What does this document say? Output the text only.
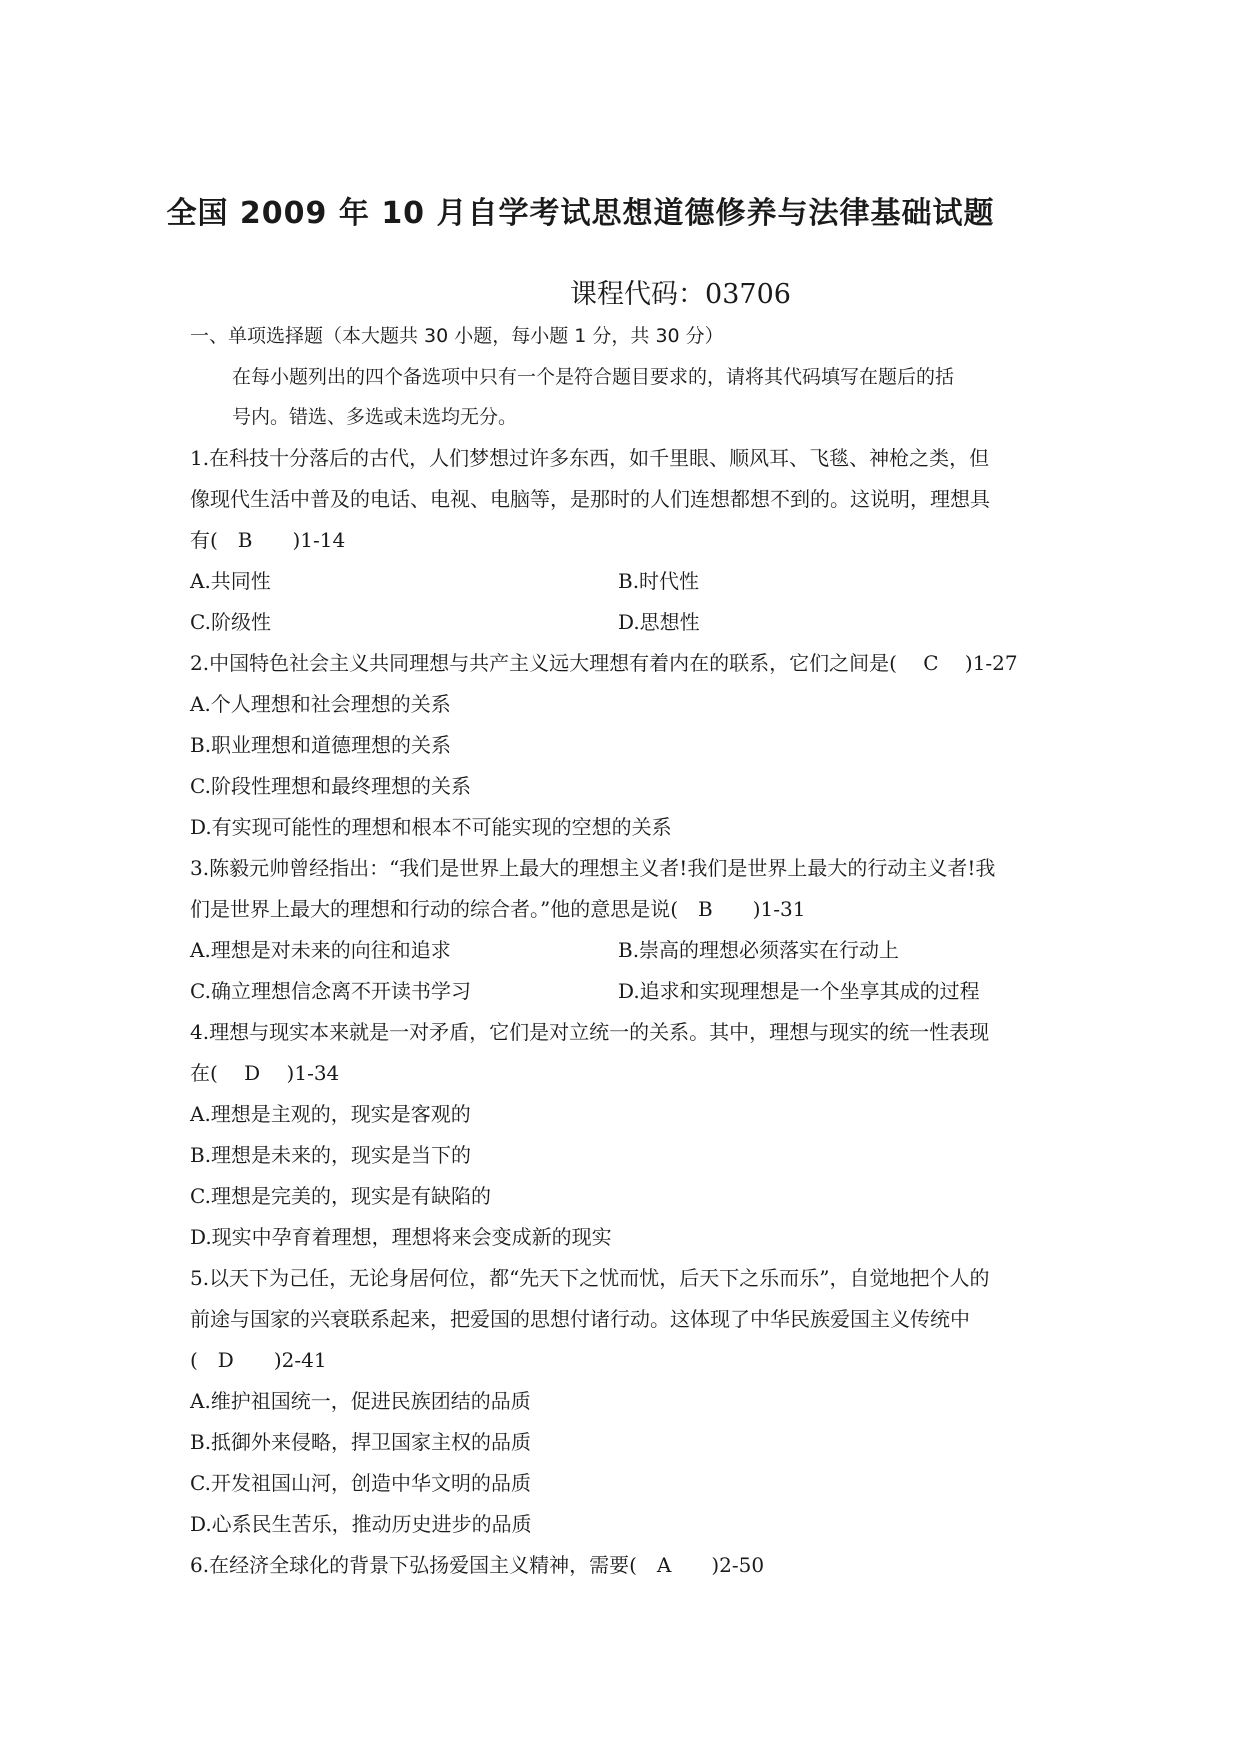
全国 2009 年 10 月自学考试思想道德修养与法律基础试题
课程代码：03706
一、单项选择题（本大题共 30 小题，每小题 1 分，共 30 分）
在每小题列出的四个备选项中只有一个是符合题目要求的，请将其代码填写在题后的括
号内。错选、多选或未选均无分。
1.在科技十分落后的古代，人们梦想过许多东西，如千里眼、顺风耳、飞毯、神枪之类，但
像现代生活中普及的电话、电视、电脑等，是那时的人们连想都想不到的。这说明，理想具
有(　B　　)1-14
A.共同性	B.时代性
C.阶级性	D.思想性
2.中国特色社会主义共同理想与共产主义远大理想有着内在的联系，它们之间是(　 C　 )1-27
A.个人理想和社会理想的关系
B.职业理想和道德理想的关系
C.阶段性理想和最终理想的关系
D.有实现可能性的理想和根本不可能实现的空想的关系
3.陈毅元帅曾经指出：“我们是世界上最大的理想主义者!我们是世界上最大的行动主义者!我
们是世界上最大的理想和行动的综合者。”他的意思是说(　B　　)1-31
A.理想是对未来的向往和追求	B.崇高的理想必须落实在行动上
C.确立理想信念离不开读书学习	D.追求和实现理想是一个坐享其成的过程
4.理想与现实本来就是一对矛盾，它们是对立统一的关系。其中，理想与现实的统一性表现
在(　 D　 )1-34
A.理想是主观的，现实是客观的
B.理想是未来的，现实是当下的
C.理想是完美的，现实是有缺陷的
D.现实中孕育着理想，理想将来会变成新的现实
5.以天下为己任，无论身居何位，都“先天下之忧而忧，后天下之乐而乐”，自觉地把个人的
前途与国家的兴衰联系起来，把爱国的思想付诸行动。这体现了中华民族爱国主义传统中
(　D　　)2-41
A.维护祖国统一，促进民族团结的品质
B.抵御外来侵略，捍卫国家主权的品质
C.开发祖国山河，创造中华文明的品质
D.心系民生苦乐，推动历史进步的品质
6.在经济全球化的背景下弘扬爱国主义精神，需要(　A　　)2-50
